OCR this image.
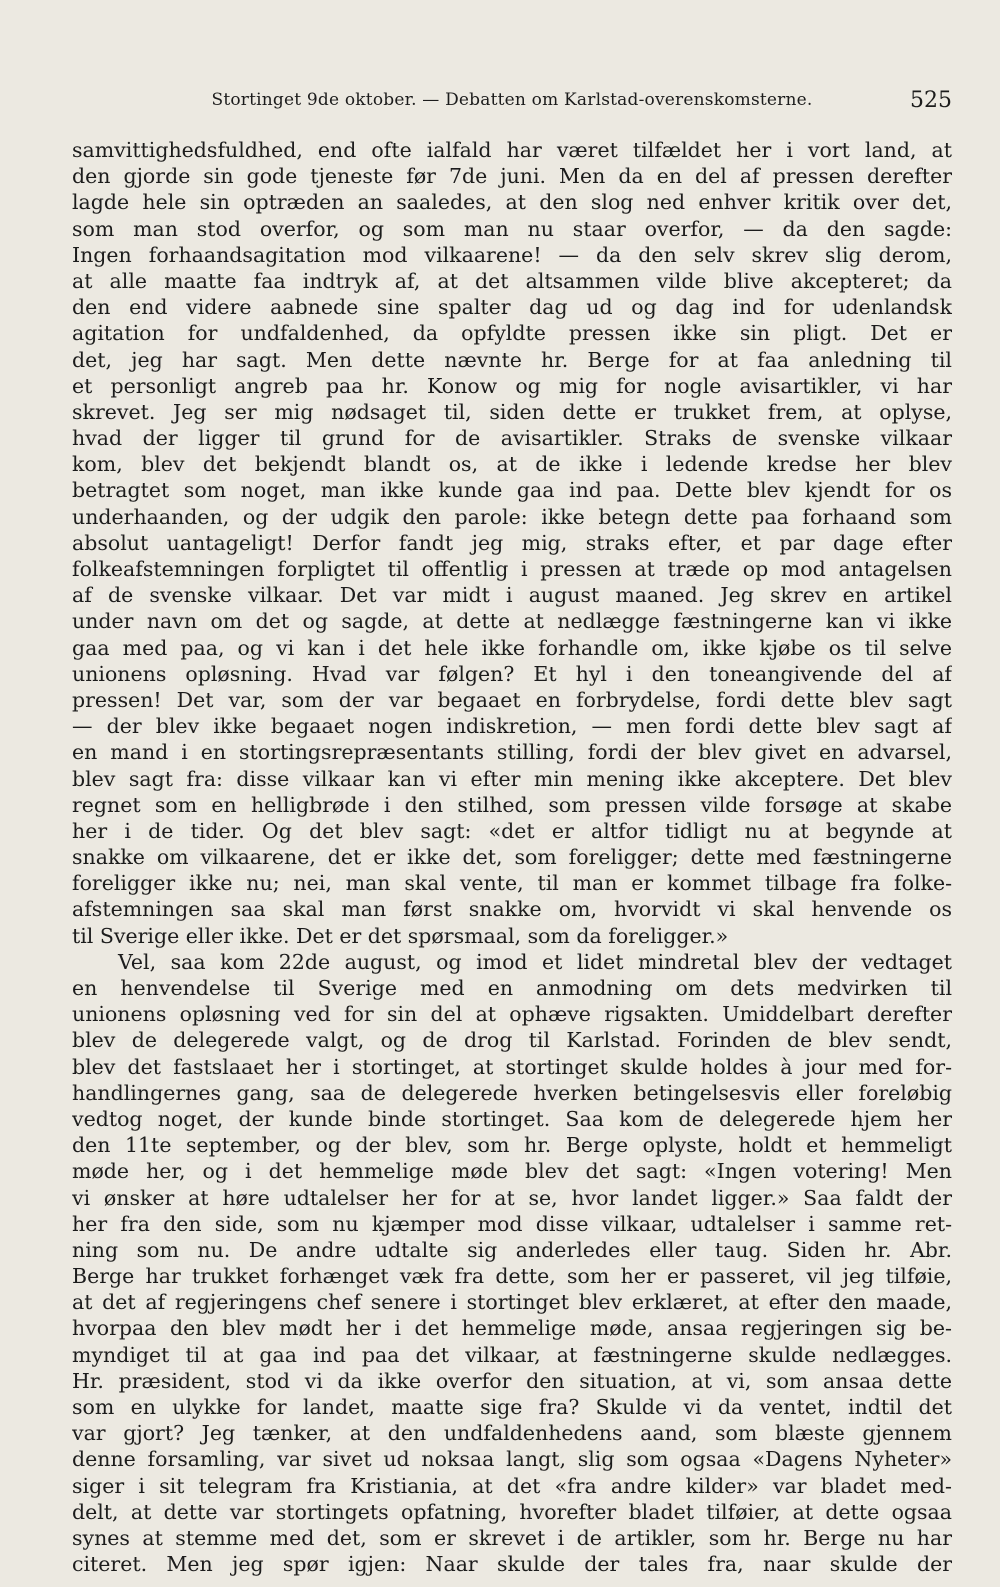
Stortinget 9de oktober. — Debatten om Karlstad-overenskomsterne.	525
samvittighedsfuldhed, end ofte ialfald har været tilfældet her i vort land, at
den gjorde sin gode tjeneste før 7de juni. Men da en del af pressen derefter
lagde hele sin optræden an saaledes, at den slog ned enhver kritik over det,
som man stod overfor, og som man nu staar overfor, — da den sagde:
Ingen forhaandsagitation mod vilkaarene! — da den selv skrev slig derom,
at alle maatte faa indtryk af, at det altsammen vilde blive akcepteret; da
den end videre aabnede sine spalter dag ud og dag ind for udenlandsk
agitation for undfaldenhed, da opfyldte pressen ikke sin pligt. Det er
det, jeg har sagt. Men dette nævnte hr. Berge for at faa anledning til
et personligt angreb paa hr. Konow og mig for nogle avisartikler, vi har
skrevet. Jeg ser mig nødsaget til, siden dette er trukket frem, at oplyse,
hvad der ligger til grund for de avisartikler. Straks de svenske vilkaar
kom, blev det bekjendt blandt os, at de ikke i ledende kredse her blev
betragtet som noget, man ikke kunde gaa ind paa. Dette blev kjendt for os
underhaanden, og der udgik den parole: ikke betegn dette paa forhaand som
absolut uantageligt! Derfor fandt jeg mig, straks efter, et par dage efter
folkeafstemningen forpligtet til offentlig i pressen at træde op mod antagelsen
af de svenske vilkaar. Det var midt i august maaned. Jeg skrev en artikel
under navn om det og sagde, at dette at nedlægge fæstningerne kan vi ikke
gaa med paa, og vi kan i det hele ikke forhandle om, ikke kjøbe os til selve
unionens opløsning. Hvad var følgen? Et hyl i den toneangivende del af
pressen! Det var, som der var begaaet en forbrydelse, fordi dette blev sagt
— der blev ikke begaaet nogen indiskretion, — men fordi dette blev sagt af
en mand i en stortingsrepræsentants stilling, fordi der blev givet en advarsel,
blev sagt fra: disse vilkaar kan vi efter min mening ikke akceptere. Det blev
regnet som en helligbrøde i den stilhed, som pressen vilde forsøge at skabe
her i de tider. Og det blev sagt: «det er altfor tidligt nu at begynde at
snakke om vilkaarene, det er ikke det, som foreligger; dette med fæstningerne
foreligger ikke nu; nei, man skal vente, til man er kommet tilbage fra folke-
afstemningen saa skal man først snakke om, hvorvidt vi skal henvende os
til Sverige eller ikke. Det er det spørsmaal, som da foreligger.»
Vel, saa kom 22de august, og imod et lidet mindretal blev der vedtaget
en henvendelse til Sverige med en anmodning om dets medvirken til
unionens opløsning ved for sin del at ophæve rigsakten. Umiddelbart derefter
blev de delegerede valgt, og de drog til Karlstad. Forinden de blev sendt,
blev det fastslaaet her i stortinget, at stortinget skulde holdes à jour med for-
handlingernes gang, saa de delegerede hverken betingelsesvis eller foreløbig
vedtog noget, der kunde binde stortinget. Saa kom de delegerede hjem her
den 11te september, og der blev, som hr. Berge oplyste, holdt et hemmeligt
møde her, og i det hemmelige møde blev det sagt: «Ingen votering! Men
vi ønsker at høre udtalelser her for at se, hvor landet ligger.» Saa faldt der
her fra den side, som nu kjæmper mod disse vilkaar, udtalelser i samme ret-
ning som nu. De andre udtalte sig anderledes eller taug. Siden hr. Abr.
Berge har trukket forhænget væk fra dette, som her er passeret, vil jeg tilføie,
at det af regjeringens chef senere i stortinget blev erklæret, at efter den maade,
hvorpaa den blev mødt her i det hemmelige møde, ansaa regjeringen sig be-
myndiget til at gaa ind paa det vilkaar, at fæstningerne skulde nedlægges.
Hr. præsident, stod vi da ikke overfor den situation, at vi, som ansaa dette
som en ulykke for landet, maatte sige fra? Skulde vi da ventet, indtil det
var gjort? Jeg tænker, at den undfaldenhedens aand, som blæste gjennem
denne forsamling, var sivet ud noksaa langt, slig som ogsaa «Dagens Nyheter»
siger i sit telegram fra Kristiania, at det «fra andre kilder» var bladet med-
delt, at dette var stortingets opfatning, hvorefter bladet tilføier, at dette ogsaa
synes at stemme med det, som er skrevet i de artikler, som hr. Berge nu har
citeret. Men jeg spør igjen: Naar skulde der tales fra, naar skulde der
